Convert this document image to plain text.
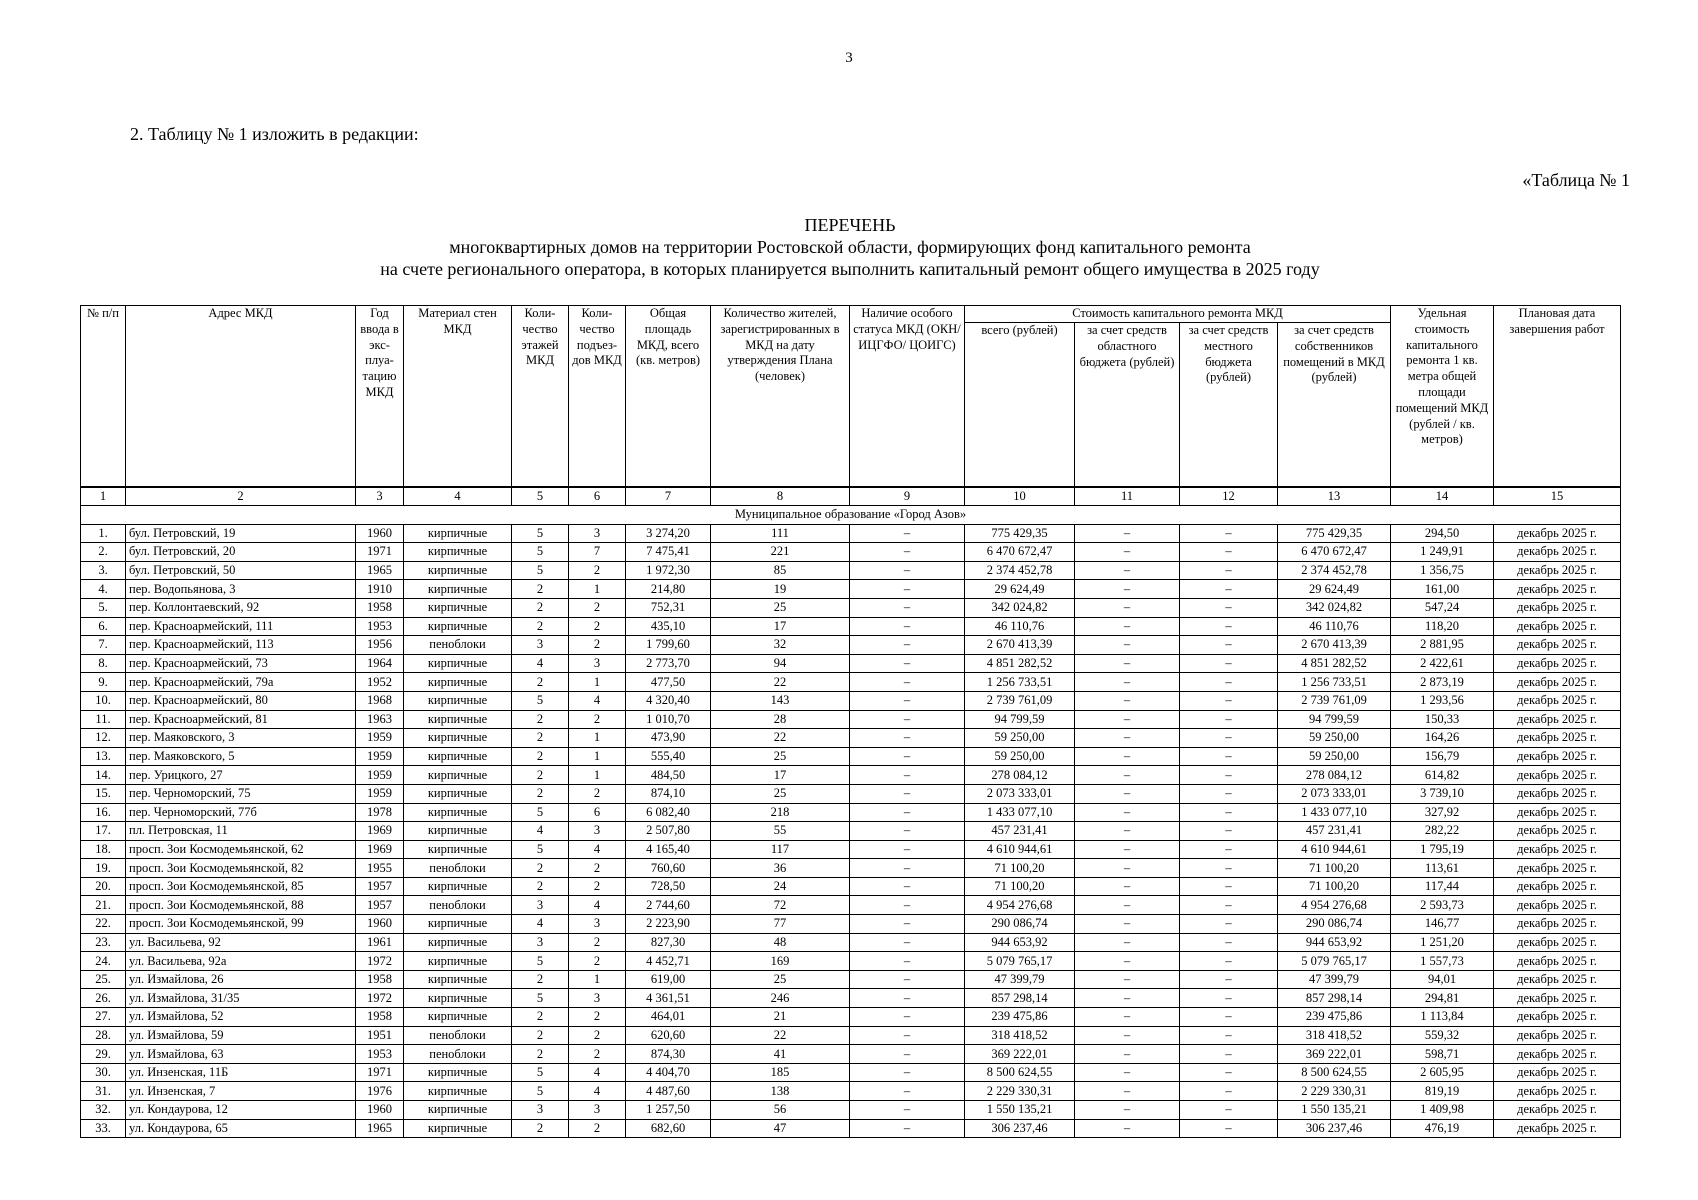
3
2. Таблицу № 1 изложить в редакции:
«Таблица № 1
ПЕРЕЧЕНЬ
многоквартирных домов на территории Ростовской области, формирующих фонд капитального ремонта
на счете регионального оператора, в которых планируется выполнить капитальный ремонт общего имущества в 2025 году
№ п/п	Адрес МКД	Год ввода в экс-плуа-тацию МКД	Материал стен МКД	Коли-чество этажей МКД	Коли-чество подъез-дов МКД	Общая площадь МКД, всего (кв. метров)	Количество жителей, зарегистрированных в МКД на дату утверждения Плана (человек)	Наличие особого статуса МКД (ОКН/ИЦГФО/ ЦОИГС)	Стоимость капитального ремонта МКД				Удельная стоимость капитального ремонта 1 кв. метра общей площади помещений МКД (рублей / кв. метров)	Плановая дата завершения работ
									всего (рублей)	за счет средств областного бюджета (рублей)	за счет средств местного бюджета (рублей)	за счет средств собственников помещений в МКД (рублей)		
1	2	3	4	5	6	7	8	9	10	11	12	13	14	15
Муниципальное образование «Город Азов»														
1.	бул. Петровский, 19	1960	кирпичные	5	3	3 274,20	111	–	775 429,35	–	–	775 429,35	294,50	декабрь 2025 г.
2.	бул. Петровский, 20	1971	кирпичные	5	7	7 475,41	221	–	6 470 672,47	–	–	6 470 672,47	1 249,91	декабрь 2025 г.
3.	бул. Петровский, 50	1965	кирпичные	5	2	1 972,30	85	–	2 374 452,78	–	–	2 374 452,78	1 356,75	декабрь 2025 г.
4.	пер. Водопьянова, 3	1910	кирпичные	2	1	214,80	19	–	29 624,49	–	–	29 624,49	161,00	декабрь 2025 г.
5.	пер. Коллонтаевский, 92	1958	кирпичные	2	2	752,31	25	–	342 024,82	–	–	342 024,82	547,24	декабрь 2025 г.
6.	пер. Красноармейский, 111	1953	кирпичные	2	2	435,10	17	–	46 110,76	–	–	46 110,76	118,20	декабрь 2025 г.
7.	пер. Красноармейский, 113	1956	пеноблоки	3	2	1 799,60	32	–	2 670 413,39	–	–	2 670 413,39	2 881,95	декабрь 2025 г.
8.	пер. Красноармейский, 73	1964	кирпичные	4	3	2 773,70	94	–	4 851 282,52	–	–	4 851 282,52	2 422,61	декабрь 2025 г.
9.	пер. Красноармейский, 79а	1952	кирпичные	2	1	477,50	22	–	1 256 733,51	–	–	1 256 733,51	2 873,19	декабрь 2025 г.
10.	пер. Красноармейский, 80	1968	кирпичные	5	4	4 320,40	143	–	2 739 761,09	–	–	2 739 761,09	1 293,56	декабрь 2025 г.
11.	пер. Красноармейский, 81	1963	кирпичные	2	2	1 010,70	28	–	94 799,59	–	–	94 799,59	150,33	декабрь 2025 г.
12.	пер. Маяковского, 3	1959	кирпичные	2	1	473,90	22	–	59 250,00	–	–	59 250,00	164,26	декабрь 2025 г.
13.	пер. Маяковского, 5	1959	кирпичные	2	1	555,40	25	–	59 250,00	–	–	59 250,00	156,79	декабрь 2025 г.
14.	пер. Урицкого, 27	1959	кирпичные	2	1	484,50	17	–	278 084,12	–	–	278 084,12	614,82	декабрь 2025 г.
15.	пер. Черноморский, 75	1959	кирпичные	2	2	874,10	25	–	2 073 333,01	–	–	2 073 333,01	3 739,10	декабрь 2025 г.
16.	пер. Черноморский, 77б	1978	кирпичные	5	6	6 082,40	218	–	1 433 077,10	–	–	1 433 077,10	327,92	декабрь 2025 г.
17.	пл. Петровская, 11	1969	кирпичные	4	3	2 507,80	55	–	457 231,41	–	–	457 231,41	282,22	декабрь 2025 г.
18.	просп. Зои Космодемьянской, 62	1969	кирпичные	5	4	4 165,40	117	–	4 610 944,61	–	–	4 610 944,61	1 795,19	декабрь 2025 г.
19.	просп. Зои Космодемьянской, 82	1955	пеноблоки	2	2	760,60	36	–	71 100,20	–	–	71 100,20	113,61	декабрь 2025 г.
20.	просп. Зои Космодемьянской, 85	1957	кирпичные	2	2	728,50	24	–	71 100,20	–	–	71 100,20	117,44	декабрь 2025 г.
21.	просп. Зои Космодемьянской, 88	1957	пеноблоки	3	4	2 744,60	72	–	4 954 276,68	–	–	4 954 276,68	2 593,73	декабрь 2025 г.
22.	просп. Зои Космодемьянской, 99	1960	кирпичные	4	3	2 223,90	77	–	290 086,74	–	–	290 086,74	146,77	декабрь 2025 г.
23.	ул. Васильева, 92	1961	кирпичные	3	2	827,30	48	–	944 653,92	–	–	944 653,92	1 251,20	декабрь 2025 г.
24.	ул. Васильева, 92а	1972	кирпичные	5	2	4 452,71	169	–	5 079 765,17	–	–	5 079 765,17	1 557,73	декабрь 2025 г.
25.	ул. Измайлова, 26	1958	кирпичные	2	1	619,00	25	–	47 399,79	–	–	47 399,79	94,01	декабрь 2025 г.
26.	ул. Измайлова, 31/35	1972	кирпичные	5	3	4 361,51	246	–	857 298,14	–	–	857 298,14	294,81	декабрь 2025 г.
27.	ул. Измайлова, 52	1958	кирпичные	2	2	464,01	21	–	239 475,86	–	–	239 475,86	1 113,84	декабрь 2025 г.
28.	ул. Измайлова, 59	1951	пеноблоки	2	2	620,60	22	–	318 418,52	–	–	318 418,52	559,32	декабрь 2025 г.
29.	ул. Измайлова, 63	1953	пеноблоки	2	2	874,30	41	–	369 222,01	–	–	369 222,01	598,71	декабрь 2025 г.
30.	ул. Инзенская, 11Б	1971	кирпичные	5	4	4 404,70	185	–	8 500 624,55	–	–	8 500 624,55	2 605,95	декабрь 2025 г.
31.	ул. Инзенская, 7	1976	кирпичные	5	4	4 487,60	138	–	2 229 330,31	–	–	2 229 330,31	819,19	декабрь 2025 г.
32.	ул. Кондаурова, 12	1960	кирпичные	3	3	1 257,50	56	–	1 550 135,21	–	–	1 550 135,21	1 409,98	декабрь 2025 г.
33.	ул. Кондаурова, 65	1965	кирпичные	2	2	682,60	47	–	306 237,46	–	–	306 237,46	476,19	декабрь 2025 г.
